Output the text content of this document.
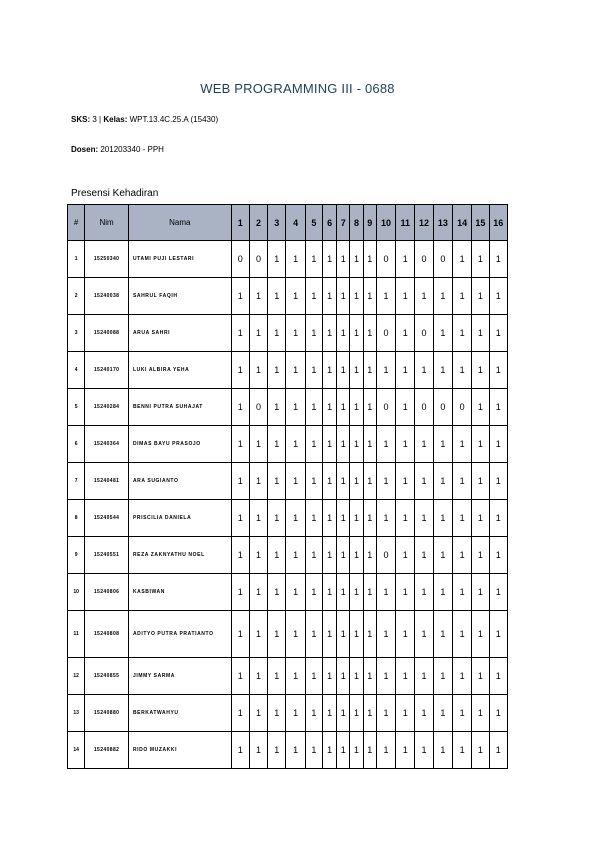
WEB PROGRAMMING III - 0688
SKS: 3 | Kelas: WPT.13.4C.25.A (15430)
Dosen: 201203340 - PPH
Presensi Kehadiran
#	Nim	Nama	1	2	3	4	5	6	7	8	9	10	11	12	13	14	15	16
1	15250340	UTAMI PUJI LESTARI	0	0	1	1	1	1	1	1	1	0	1	0	0	1	1	1
2	15240038	SAHRUL FAQIH	1	1	1	1	1	1	1	1	1	1	1	1	1	1	1	1
3	15240088	ARUA SAHRI	1	1	1	1	1	1	1	1	1	0	1	0	1	1	1	1
4	15240170	LUKI ALBIRA YEHA	1	1	1	1	1	1	1	1	1	1	1	1	1	1	1	1
5	15240284	BENNI PUTRA SUHAJAT	1	0	1	1	1	1	1	1	1	0	1	0	0	0	1	1
6	15240364	DIMAS BAYU PRASOJO	1	1	1	1	1	1	1	1	1	1	1	1	1	1	1	1
7	15240481	ARA SUGIANTO	1	1	1	1	1	1	1	1	1	1	1	1	1	1	1	1
8	15240544	PRISCILIA DANIELA	1	1	1	1	1	1	1	1	1	1	1	1	1	1	1	1
9	15240551	REZA ZAKNYATHU NOEL	1	1	1	1	1	1	1	1	1	0	1	1	1	1	1	1
10	15240806	KASBIWAN	1	1	1	1	1	1	1	1	1	1	1	1	1	1	1	1
11	15240808	ADITYO PUTRA PRATIANTO	1	1	1	1	1	1	1	1	1	1	1	1	1	1	1	1
12	15240855	JIMMY SARMA	1	1	1	1	1	1	1	1	1	1	1	1	1	1	1	1
13	15240880	BERKATWAHYU	1	1	1	1	1	1	1	1	1	1	1	1	1	1	1	1
14	15240882	RIDO MUZAKKI	1	1	1	1	1	1	1	1	1	1	1	1	1	1	1	1
